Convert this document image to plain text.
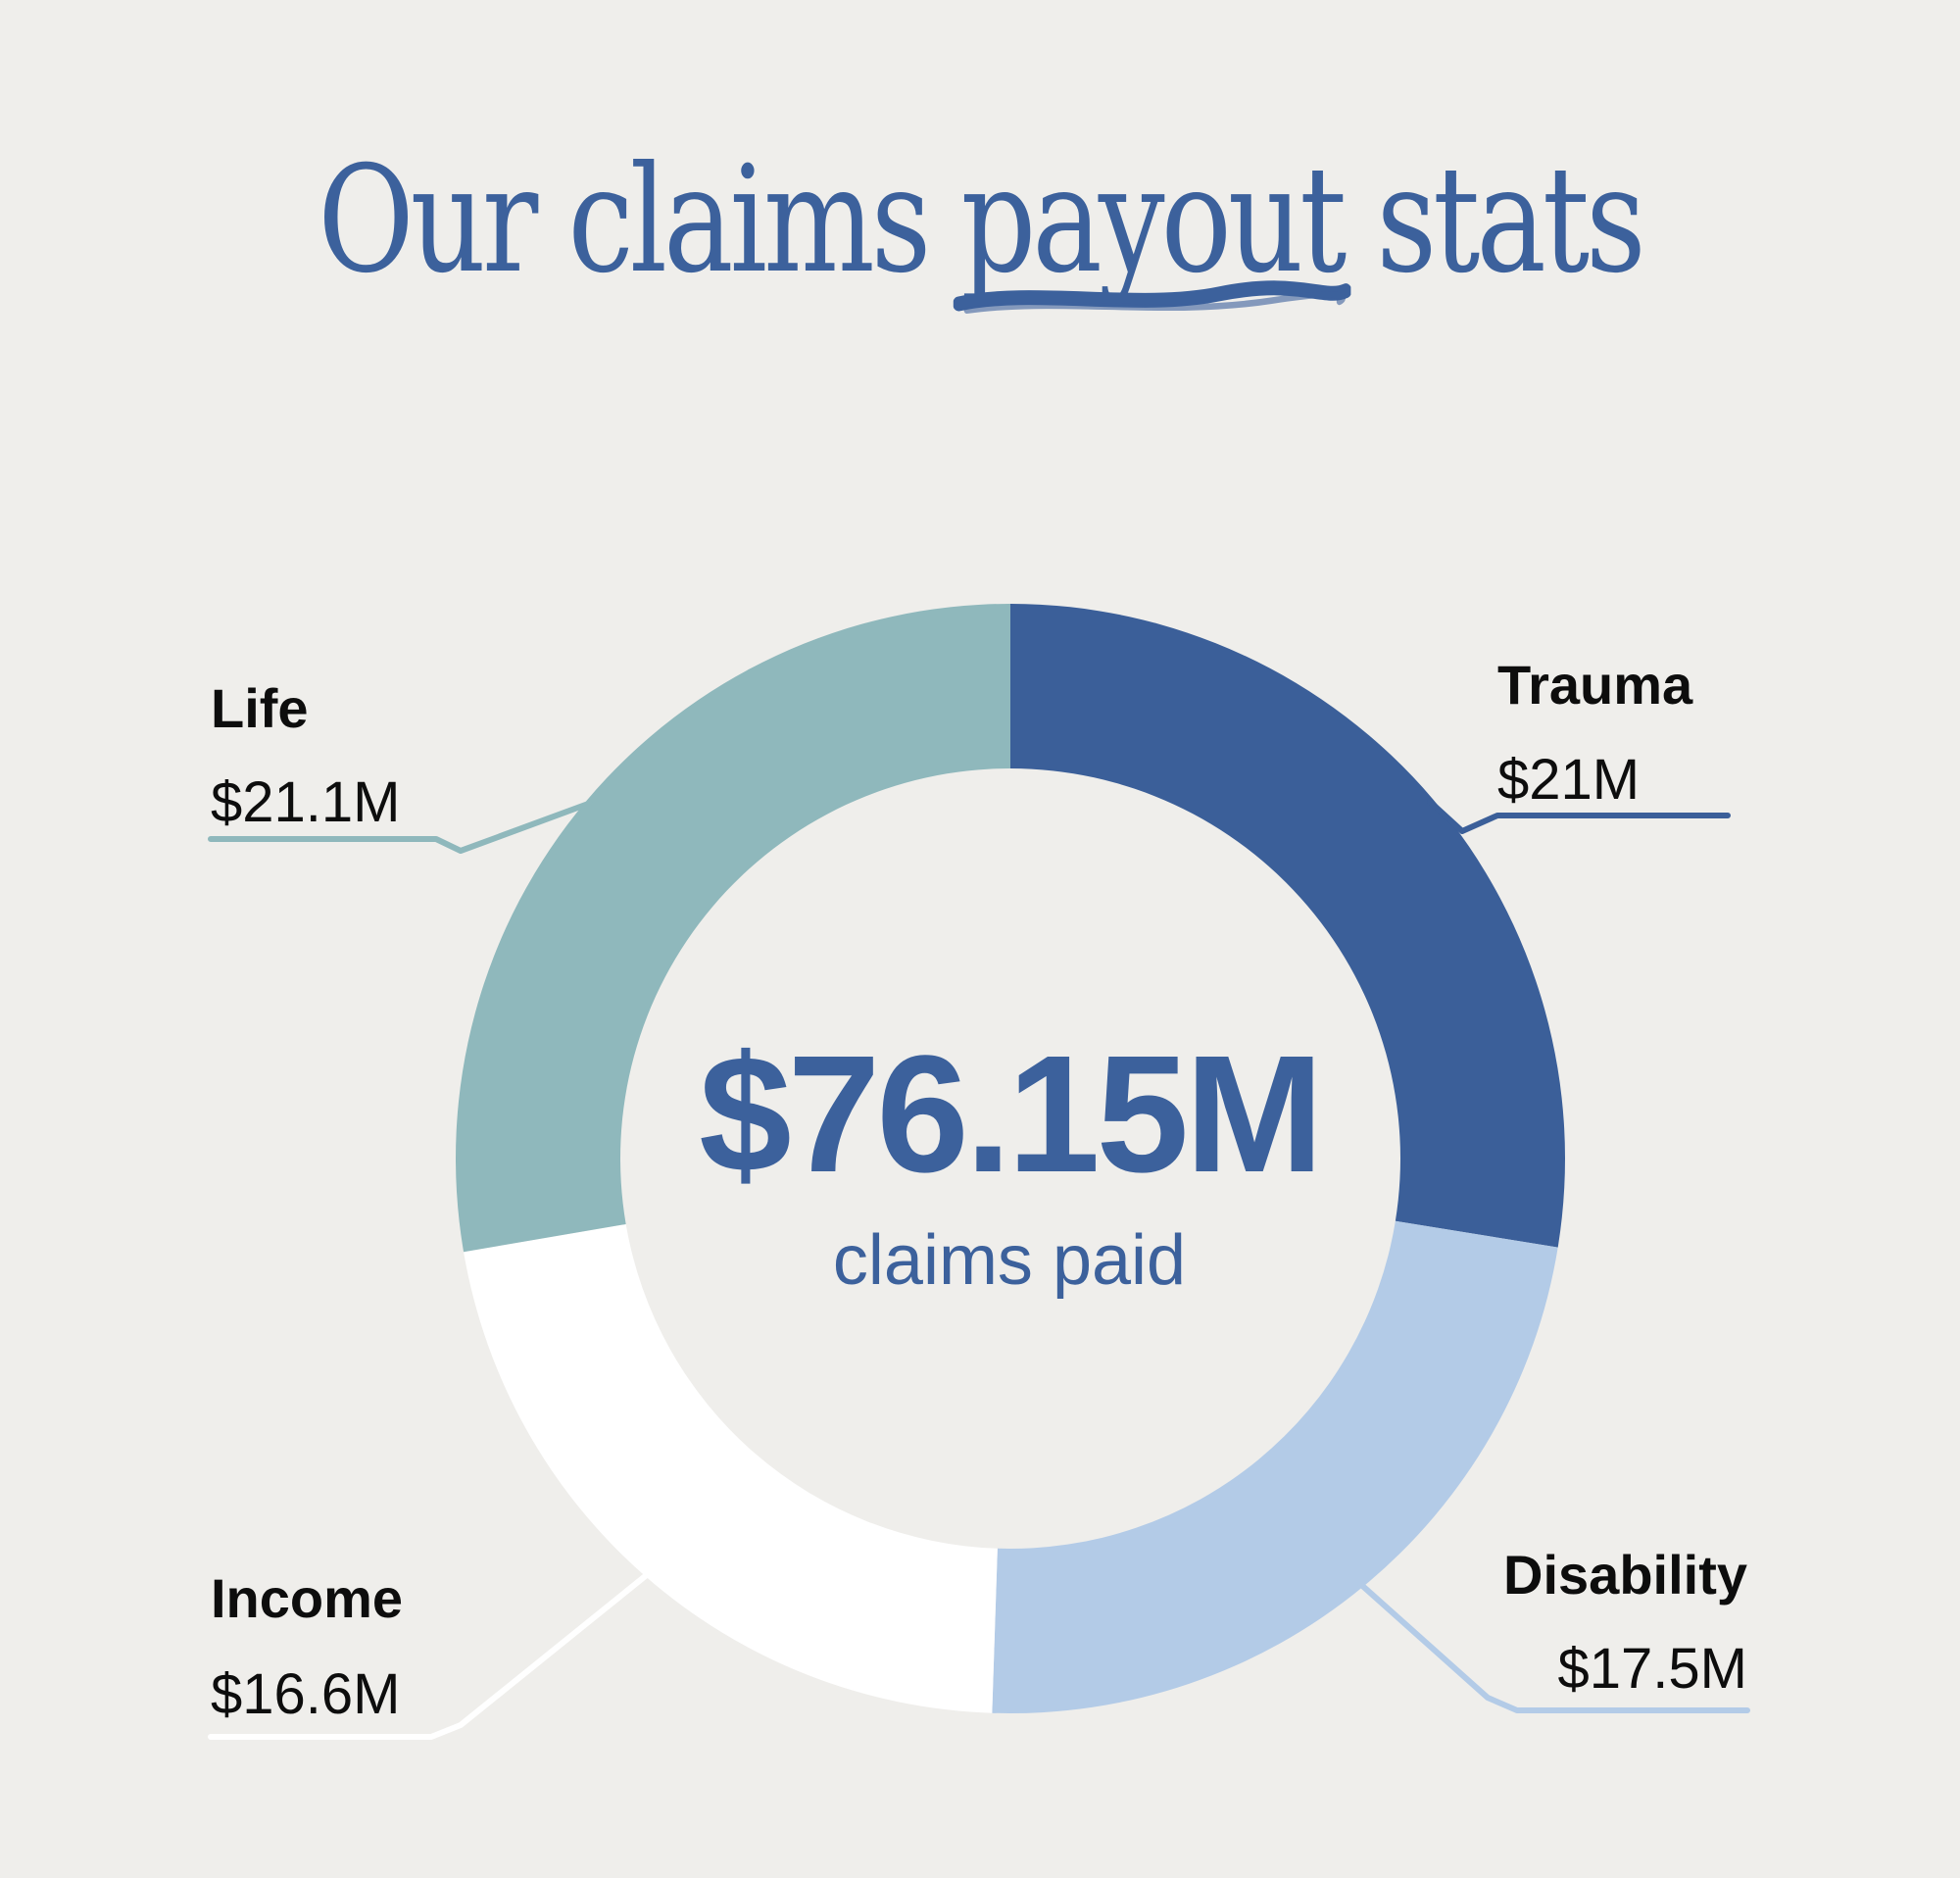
Our claims payout
stats
Trauma
$21M
Disability
$17.5M
Income
$16.6M
Life
$21.1M
$76.15M
claims paid
